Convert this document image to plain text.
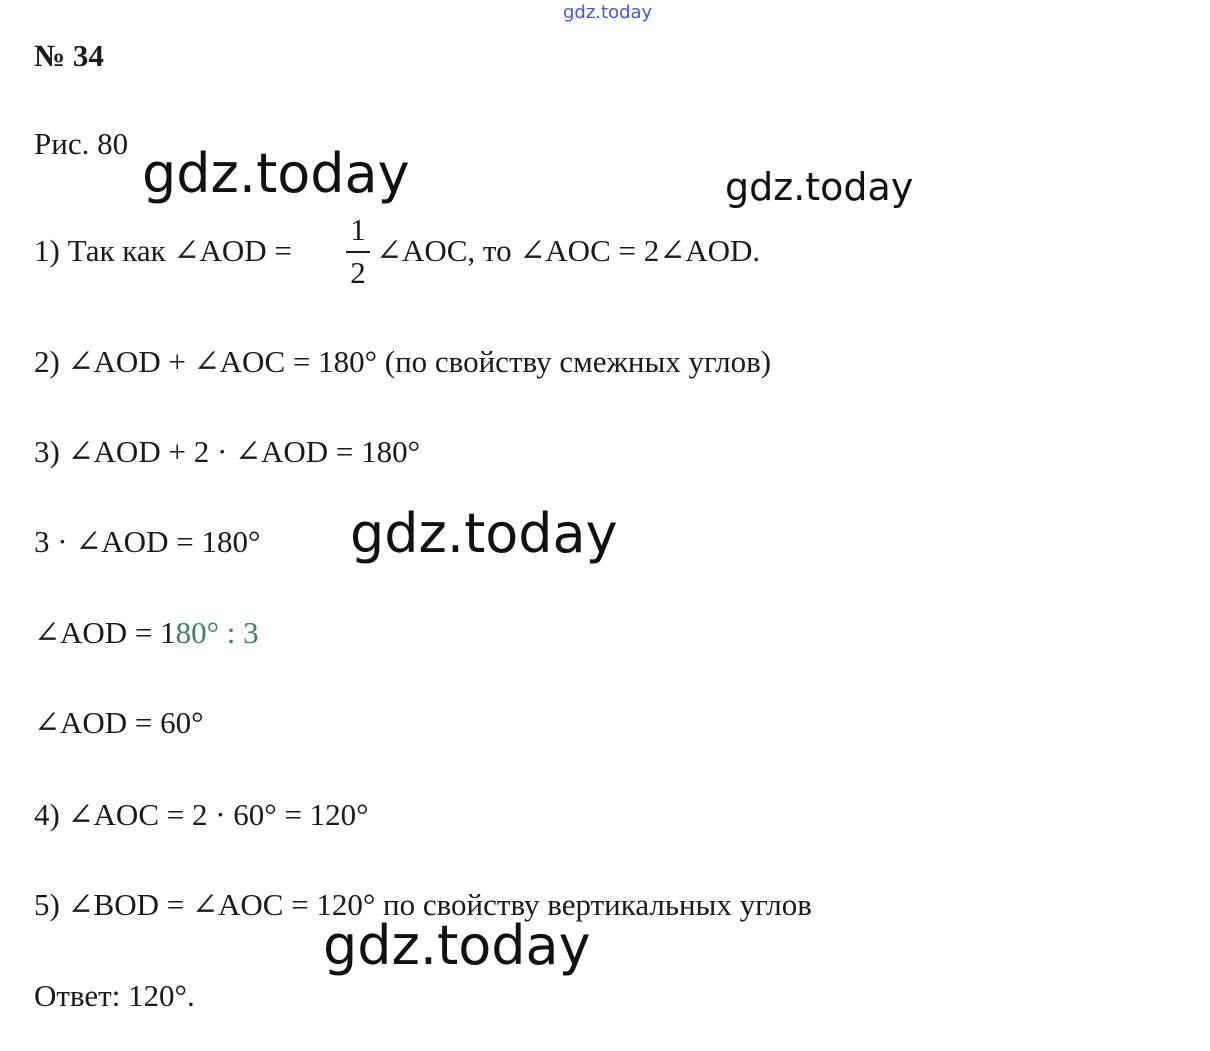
gdz.today
gdz.today	gdz.today
gdz.today
gdz.today
№ 34
Рис. 80
1) Так как ∠AOD =
1
2
∠AOC, то ∠AOC = 2∠AOD.
2) ∠AOD + ∠AOC = 180° (по свойству смежных углов)
3) ∠AOD + 2 · ∠AOD = 180°
3 · ∠AOD = 180°
∠AOD = 180° : 3
∠AOD = 60°
4) ∠AOC = 2 · 60° = 120°
5) ∠BOD = ∠AOC = 120° по свойству вертикальных углов
Ответ: 120°.
